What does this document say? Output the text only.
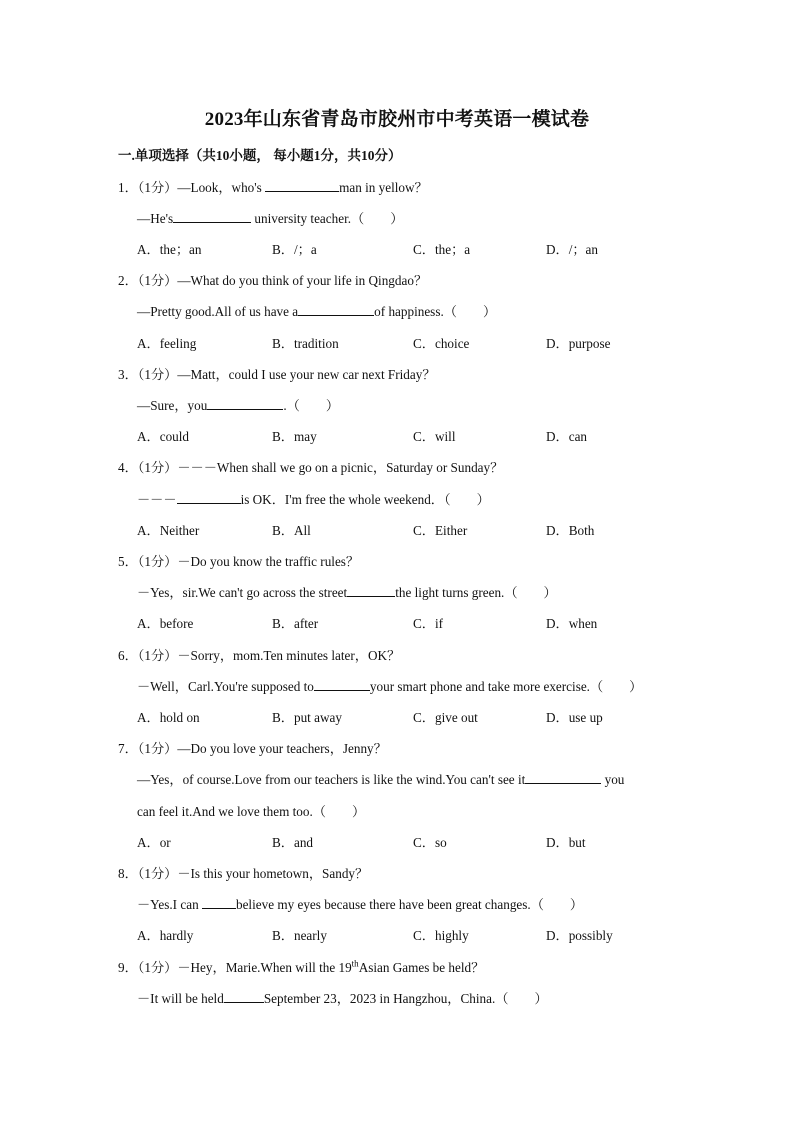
2023年山东省青岛市胶州市中考英语一模试卷
一.单项选择（共10小题， 每小题1分，共10分）
1．（1分）—Look，who's	man in yellow？
—He's	university teacher.（ ）
A．the；an	B．/；a	C．the；a	D．/；an
2．（1分）—What do you think of your life in Qingdao？
—Pretty good.All of us have a	of happiness.（ ）
A．feeling	B．tradition	C．choice	D．purpose
3．（1分）—Matt，could I use your new car next Friday？
—Sure，you	.（ ）
A．could	B．may	C．will	D．can
4．（1分）－－－When shall we go on a picnic，Saturday or Sunday？
－－－	is OK．I'm free the whole weekend．（ ）
A．Neither	B．All	C．Either	D．Both
5．（1分）－Do you know the traffic rules？
－Yes，sir.We can't go across the street	the light turns green.（ ）
A．before	B．after	C．if	D．when
6．（1分）－Sorry，mom.Ten minutes later，OK？
－Well，Carl.You're supposed to	your smart phone and take more exercise.（ ）
A．hold on	B．put away	C．give out	D．use up
7．（1分）—Do you love your teachers，Jenny？
—Yes，of course.Love from our teachers is like the wind.You can't see it	you
can feel it.And we love them too.（ ）
A．or	B．and	C．so	D．but
8．（1分）－Is this your hometown，Sandy？
－Yes.I can	believe my eyes because there have been great changes.（ ）
A．hardly	B．nearly	C．highly	D．possibly
9．（1分）－Hey，Marie.When will the 19thAsian Games be held？
－It will be held	September 23，2023 in Hangzhou，China.（ ）
